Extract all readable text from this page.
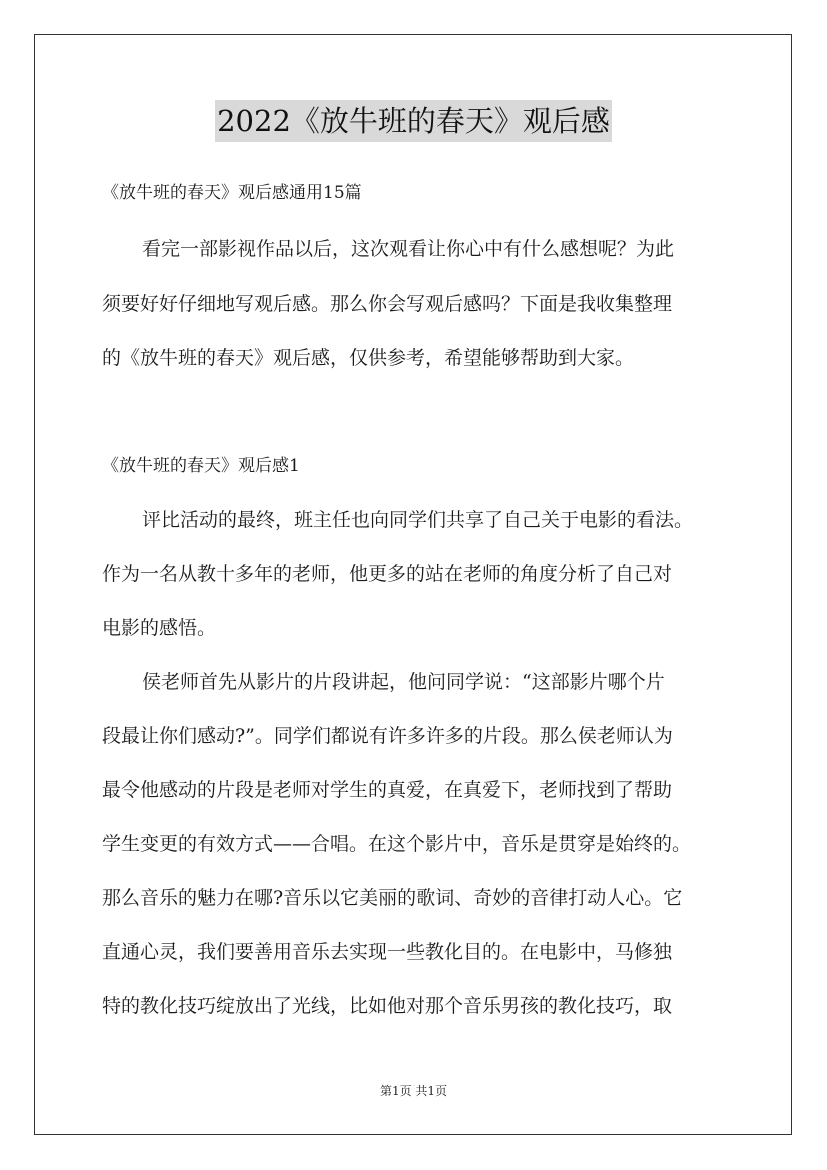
2022《放牛班的春天》观后感
《放牛班的春天》观后感通用15篇
看完一部影视作品以后，这次观看让你心中有什么感想呢？为此
须要好好仔细地写观后感。那么你会写观后感吗？下面是我收集整理
的《放牛班的春天》观后感，仅供参考，希望能够帮助到大家。
《放牛班的春天》观后感1
评比活动的最终，班主任也向同学们共享了自己关于电影的看法。
作为一名从教十多年的老师，他更多的站在老师的角度分析了自己对
电影的感悟。
侯老师首先从影片的片段讲起，他问同学说：“这部影片哪个片
段最让你们感动?”。同学们都说有许多许多的片段。那么侯老师认为
最令他感动的片段是老师对学生的真爱，在真爱下，老师找到了帮助
学生变更的有效方式——合唱。在这个影片中，音乐是贯穿是始终的。
那么音乐的魅力在哪?音乐以它美丽的歌词、奇妙的音律打动人心。它
直通心灵，我们要善用音乐去实现一些教化目的。在电影中，马修独
特的教化技巧绽放出了光线，比如他对那个音乐男孩的教化技巧，取
第1页 共1页
